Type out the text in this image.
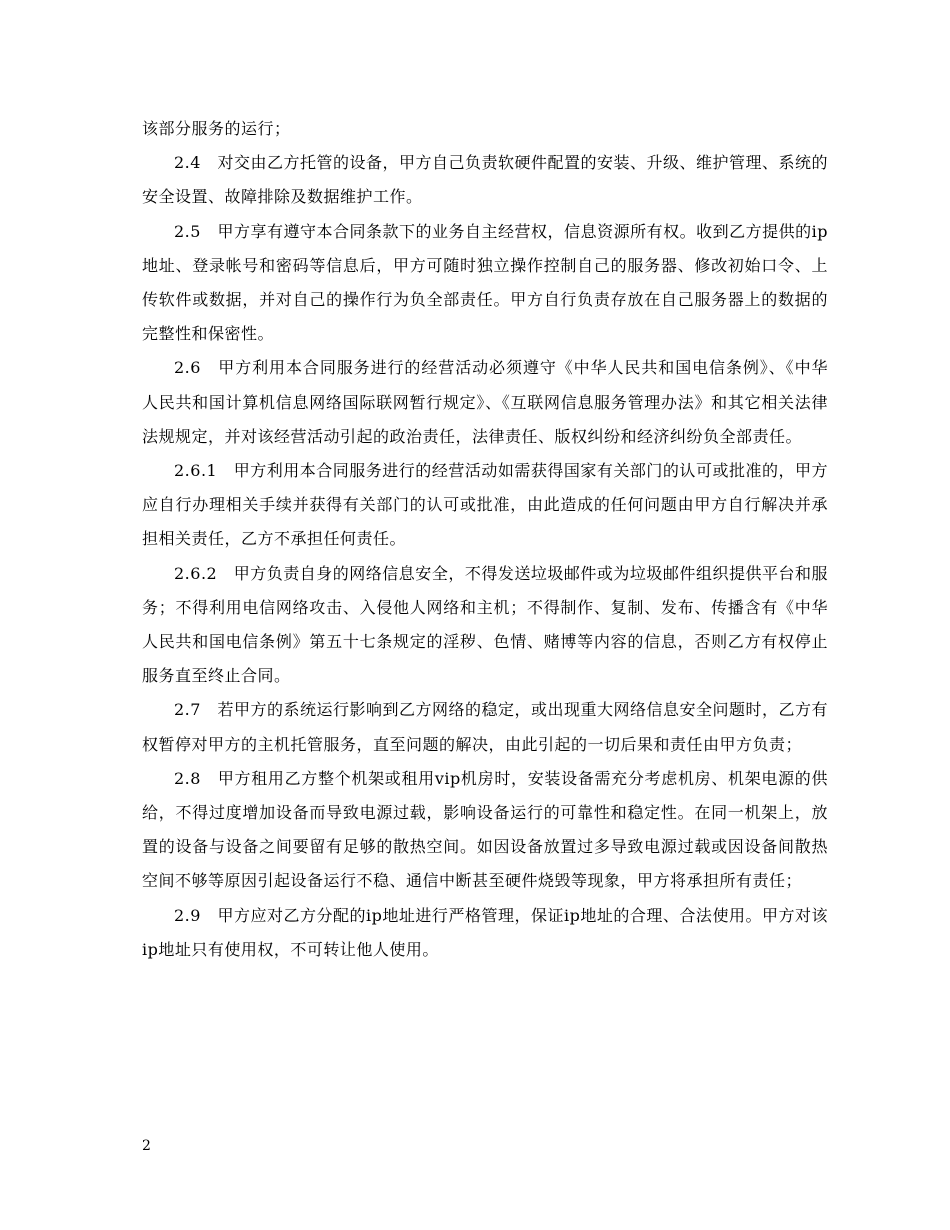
该部分服务的运行；

2.4　对交由乙方托管的设备，甲方自己负责软硬件配置的安装、升级、维护管理、系统的安全设置、故障排除及数据维护工作。

2.5　甲方享有遵守本合同条款下的业务自主经营权，信息资源所有权。收到乙方提供的ip地址、登录帐号和密码等信息后，甲方可随时独立操作控制自己的服务器、修改初始口令、上传软件或数据，并对自己的操作行为负全部责任。甲方自行负责存放在自己服务器上的数据的完整性和保密性。

2.6　甲方利用本合同服务进行的经营活动必须遵守《中华人民共和国电信条例》、《中华人民共和国计算机信息网络国际联网暂行规定》、《互联网信息服务管理办法》和其它相关法律法规规定，并对该经营活动引起的政治责任，法律责任、版权纠纷和经济纠纷负全部责任。

2.6.1　甲方利用本合同服务进行的经营活动如需获得国家有关部门的认可或批准的，甲方应自行办理相关手续并获得有关部门的认可或批准，由此造成的任何问题由甲方自行解决并承担相关责任，乙方不承担任何责任。

2.6.2　甲方负责自身的网络信息安全，不得发送垃圾邮件或为垃圾邮件组织提供平台和服务；不得利用电信网络攻击、入侵他人网络和主机；不得制作、复制、发布、传播含有《中华人民共和国电信条例》第五十七条规定的淫秽、色情、赌博等内容的信息，否则乙方有权停止服务直至终止合同。

2.7　若甲方的系统运行影响到乙方网络的稳定，或出现重大网络信息安全问题时，乙方有权暂停对甲方的主机托管服务，直至问题的解决，由此引起的一切后果和责任由甲方负责；

2.8　甲方租用乙方整个机架或租用vip机房时，安装设备需充分考虑机房、机架电源的供给，不得过度增加设备而导致电源过载，影响设备运行的可靠性和稳定性。在同一机架上，放置的设备与设备之间要留有足够的散热空间。如因设备放置过多导致电源过载或因设备间散热空间不够等原因引起设备运行不稳、通信中断甚至硬件烧毁等现象，甲方将承担所有责任；

2.9　甲方应对乙方分配的ip地址进行严格管理，保证ip地址的合理、合法使用。甲方对该ip地址只有使用权，不可转让他人使用。

2
